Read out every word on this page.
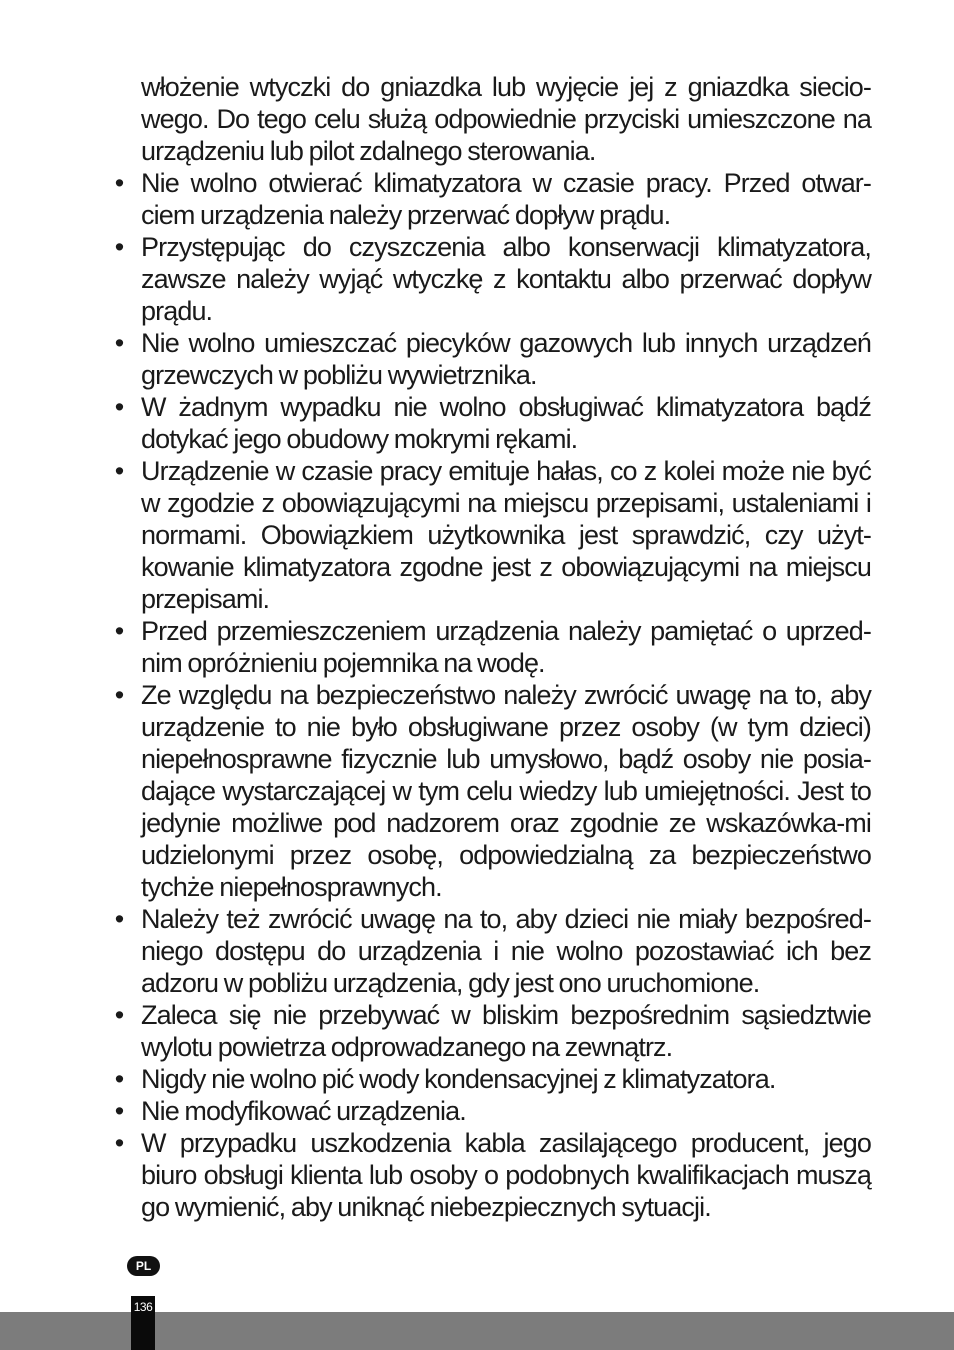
włożenie wtyczki do gniazdka lub wyjęcie jej z gniazdka siecio-wego. Do tego celu służą odpowiednie przyciski umieszczone na urządzeniu lub pilot zdalnego sterowania.

• Nie wolno otwierać klimatyzatora w czasie pracy. Przed otwar-ciem urządzenia należy przerwać dopływ prądu.
• Przystępując do czyszczenia albo konserwacji klimatyzatora, zawsze należy wyjąć wtyczkę z kontaktu albo przerwać dopływ prądu.
• Nie wolno umieszczać piecyków gazowych lub innych urządzeń grzewczych w pobliżu wywietrznika.
• W żadnym wypadku nie wolno obsługiwać klimatyzatora bądź dotykać jego obudowy mokrymi rękami.
• Urządzenie w czasie pracy emituje hałas, co z kolei może nie być w zgodzie z obowiązującymi na miejscu przepisami, ustaleniami i normami. Obowiązkiem użytkownika jest sprawdzić, czy użyt-kowanie klimatyzatora zgodne jest z obowiązującymi na miejscu przepisami.
• Przed przemieszczeniem urządzenia należy pamiętać o uprzed-nim opróżnieniu pojemnika na wodę.
• Ze względu na bezpieczeństwo należy zwrócić uwagę na to, aby urządzenie to nie było obsługiwane przez osoby (w tym dzieci) niepełnosprawne fizycznie lub umysłowo, bądź osoby nie posia-dające wystarczającej w tym celu wiedzy lub umiejętności. Jest to jedynie możliwe pod nadzorem oraz zgodnie ze wskazówka-mi udzielonymi przez osobę, odpowiedzialną za bezpieczeństwo tychże niepełnosprawnych.
• Należy też zwrócić uwagę na to, aby dzieci nie miały bezpośred-niego dostępu do urządzenia i nie wolno pozostawiać ich bez adzoru w pobliżu urządzenia, gdy jest ono uruchomione.
• Zaleca się nie przebywać w bliskim bezpośrednim sąsiedztwie wylotu powietrza odprowadzanego na zewnątrz.
• Nigdy nie wolno pić wody kondensacyjnej z klimatyzatora.
• Nie modyfikować urządzenia.
• W przypadku uszkodzenia kabla zasilającego producent, jego biuro obsługi klienta lub osoby o podobnych kwalifikacjach muszą go wymienić, aby uniknąć niebezpiecznych sytuacji.
PL
136
